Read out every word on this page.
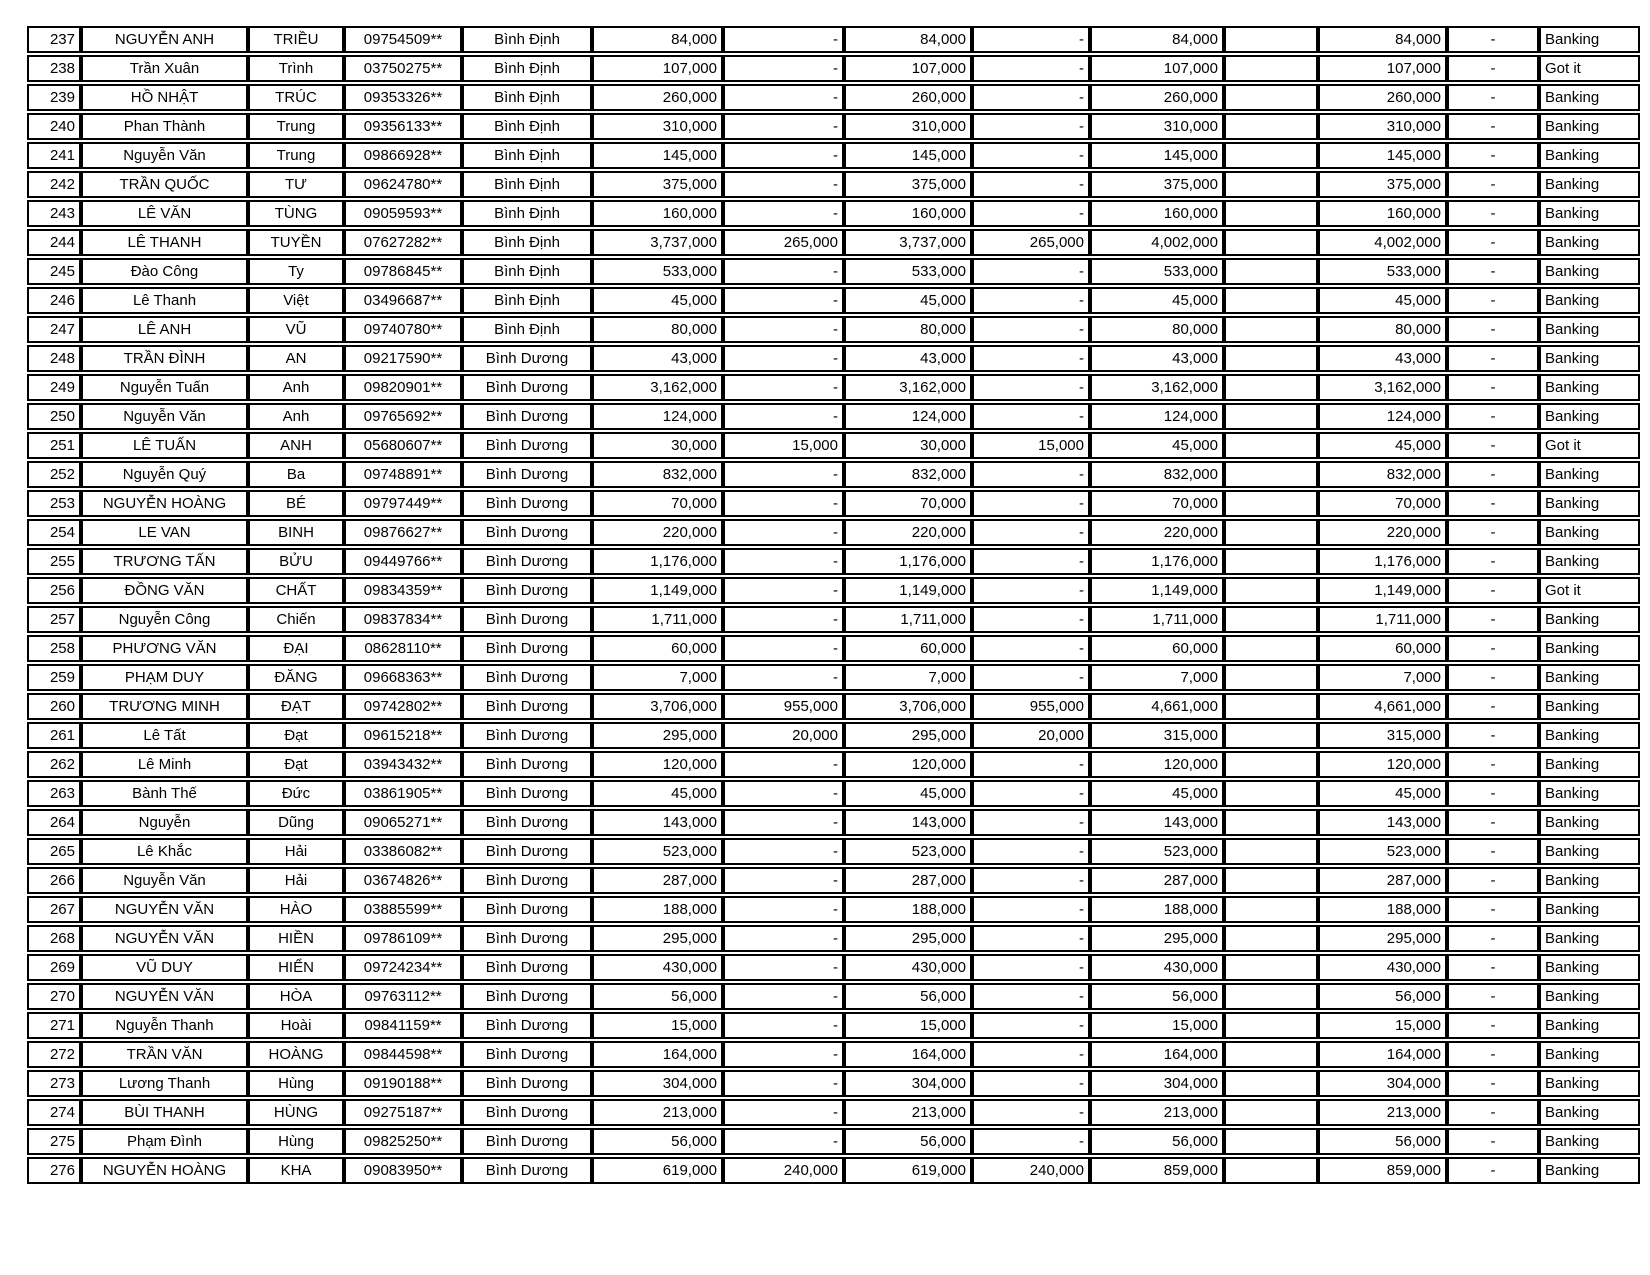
237	NGUYỄN ANH	TRIỀU	09754509**	Bình Định	84,000	-	84,000	-	84,000		84,000	-	Banking
238	Trần Xuân	Trình	03750275**	Bình Định	107,000	-	107,000	-	107,000		107,000	-	Got it
239	HỒ NHẬT	TRÚC	09353326**	Bình Định	260,000	-	260,000	-	260,000		260,000	-	Banking
240	Phan Thành	Trung	09356133**	Bình Định	310,000	-	310,000	-	310,000		310,000	-	Banking
241	Nguyễn Văn	Trung	09866928**	Bình Định	145,000	-	145,000	-	145,000		145,000	-	Banking
242	TRẦN QUỐC	TƯ	09624780**	Bình Định	375,000	-	375,000	-	375,000		375,000	-	Banking
243	LÊ VĂN	TÙNG	09059593**	Bình Định	160,000	-	160,000	-	160,000		160,000	-	Banking
244	LÊ THANH	TUYỀN	07627282**	Bình Định	3,737,000	265,000	3,737,000	265,000	4,002,000		4,002,000	-	Banking
245	Đào Công	Ty	09786845**	Bình Định	533,000	-	533,000	-	533,000		533,000	-	Banking
246	Lê Thanh	Việt	03496687**	Bình Định	45,000	-	45,000	-	45,000		45,000	-	Banking
247	LÊ ANH	VŨ	09740780**	Bình Định	80,000	-	80,000	-	80,000		80,000	-	Banking
248	TRẦN ĐÌNH	AN	09217590**	Bình Dương	43,000	-	43,000	-	43,000		43,000	-	Banking
249	Nguyễn Tuấn	Anh	09820901**	Bình Dương	3,162,000	-	3,162,000	-	3,162,000		3,162,000	-	Banking
250	Nguyễn Văn	Anh	09765692**	Bình Dương	124,000	-	124,000	-	124,000		124,000	-	Banking
251	LÊ TUẤN	ANH	05680607**	Bình Dương	30,000	15,000	30,000	15,000	45,000		45,000	-	Got it
252	Nguyễn Quý	Ba	09748891**	Bình Dương	832,000	-	832,000	-	832,000		832,000	-	Banking
253	NGUYỄN HOÀNG	BÉ	09797449**	Bình Dương	70,000	-	70,000	-	70,000		70,000	-	Banking
254	LE VAN	BINH	09876627**	Bình Dương	220,000	-	220,000	-	220,000		220,000	-	Banking
255	TRƯƠNG TẤN	BỬU	09449766**	Bình Dương	1,176,000	-	1,176,000	-	1,176,000		1,176,000	-	Banking
256	ĐỒNG VĂN	CHẤT	09834359**	Bình Dương	1,149,000	-	1,149,000	-	1,149,000		1,149,000	-	Got it
257	Nguyễn Công	Chiến	09837834**	Bình Dương	1,711,000	-	1,711,000	-	1,711,000		1,711,000	-	Banking
258	PHƯƠNG VĂN	ĐẠI	08628110**	Bình Dương	60,000	-	60,000	-	60,000		60,000	-	Banking
259	PHẠM DUY	ĐĂNG	09668363**	Bình Dương	7,000	-	7,000	-	7,000		7,000	-	Banking
260	TRƯƠNG MINH	ĐẠT	09742802**	Bình Dương	3,706,000	955,000	3,706,000	955,000	4,661,000		4,661,000	-	Banking
261	Lê Tất	Đạt	09615218**	Bình Dương	295,000	20,000	295,000	20,000	315,000		315,000	-	Banking
262	Lê Minh	Đạt	03943432**	Bình Dương	120,000	-	120,000	-	120,000		120,000	-	Banking
263	Bành Thế	Đức	03861905**	Bình Dương	45,000	-	45,000	-	45,000		45,000	-	Banking
264	Nguyễn	Dũng	09065271**	Bình Dương	143,000	-	143,000	-	143,000		143,000	-	Banking
265	Lê Khắc	Hải	03386082**	Bình Dương	523,000	-	523,000	-	523,000		523,000	-	Banking
266	Nguyễn Văn	Hải	03674826**	Bình Dương	287,000	-	287,000	-	287,000		287,000	-	Banking
267	NGUYỄN VĂN	HÀO	03885599**	Bình Dương	188,000	-	188,000	-	188,000		188,000	-	Banking
268	NGUYỄN VĂN	HIỀN	09786109**	Bình Dương	295,000	-	295,000	-	295,000		295,000	-	Banking
269	VŨ DUY	HIỂN	09724234**	Bình Dương	430,000	-	430,000	-	430,000		430,000	-	Banking
270	NGUYỄN VĂN	HÒA	09763112**	Bình Dương	56,000	-	56,000	-	56,000		56,000	-	Banking
271	Nguyễn Thanh	Hoài	09841159**	Bình Dương	15,000	-	15,000	-	15,000		15,000	-	Banking
272	TRẦN VĂN	HOÀNG	09844598**	Bình Dương	164,000	-	164,000	-	164,000		164,000	-	Banking
273	Lương Thanh	Hùng	09190188**	Bình Dương	304,000	-	304,000	-	304,000		304,000	-	Banking
274	BÙI THANH	HÙNG	09275187**	Bình Dương	213,000	-	213,000	-	213,000		213,000	-	Banking
275	Phạm Đình	Hùng	09825250**	Bình Dương	56,000	-	56,000	-	56,000		56,000	-	Banking
276	NGUYỄN HOÀNG	KHA	09083950**	Bình Dương	619,000	240,000	619,000	240,000	859,000		859,000	-	Banking
